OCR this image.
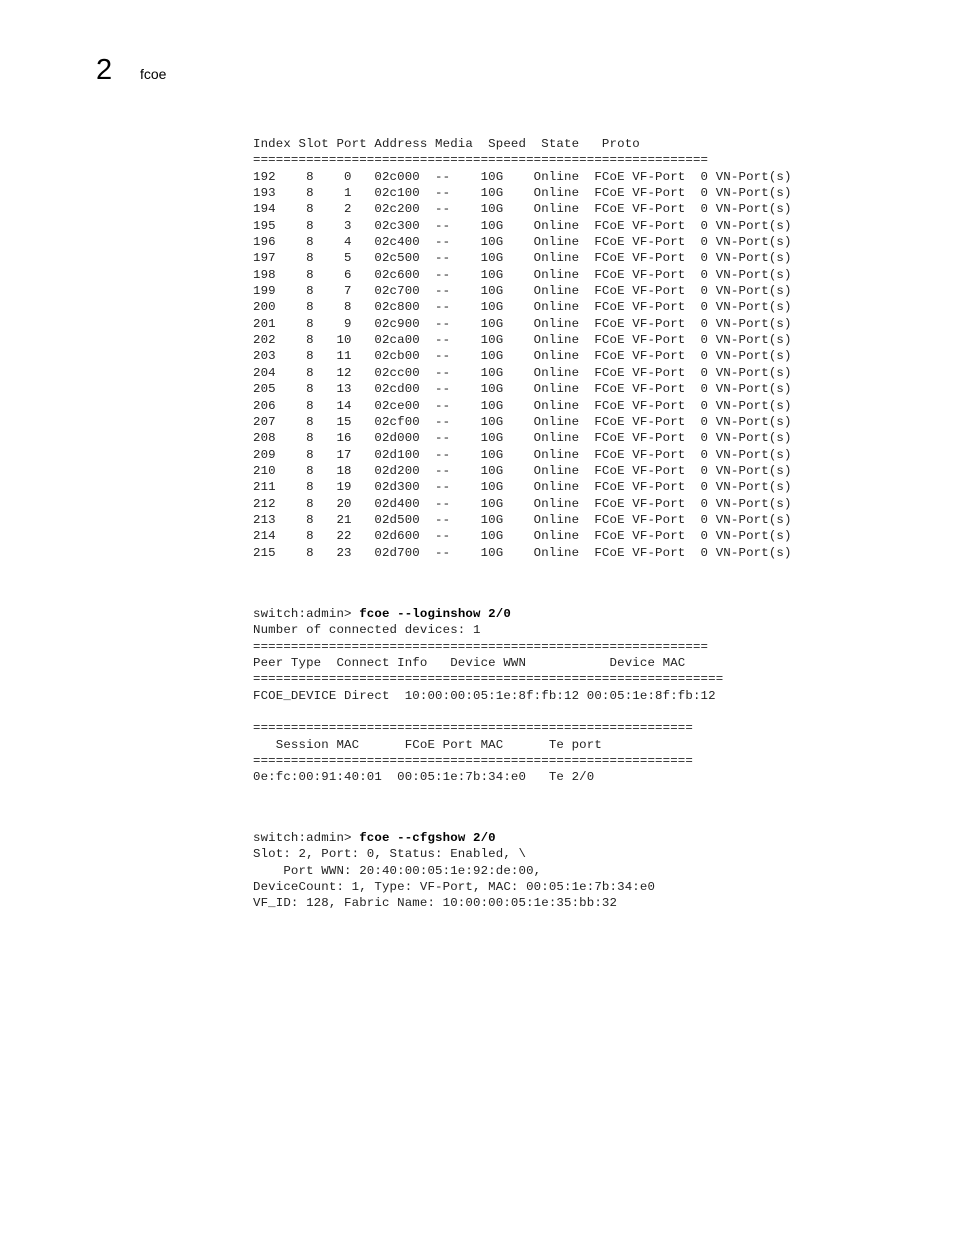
2 fcoe
Index Slot Port Address Media  Speed  State   Proto
============================================================
192    8    0   02c000  --    10G    Online  FCoE VF-Port  0 VN-Port(s)
193    8    1   02c100  --    10G    Online  FCoE VF-Port  0 VN-Port(s)
194    8    2   02c200  --    10G    Online  FCoE VF-Port  0 VN-Port(s)
195    8    3   02c300  --    10G    Online  FCoE VF-Port  0 VN-Port(s)
196    8    4   02c400  --    10G    Online  FCoE VF-Port  0 VN-Port(s)
197    8    5   02c500  --    10G    Online  FCoE VF-Port  0 VN-Port(s)
198    8    6   02c600  --    10G    Online  FCoE VF-Port  0 VN-Port(s)
199    8    7   02c700  --    10G    Online  FCoE VF-Port  0 VN-Port(s)
200    8    8   02c800  --    10G    Online  FCoE VF-Port  0 VN-Port(s)
201    8    9   02c900  --    10G    Online  FCoE VF-Port  0 VN-Port(s)
202    8   10   02ca00  --    10G    Online  FCoE VF-Port  0 VN-Port(s)
203    8   11   02cb00  --    10G    Online  FCoE VF-Port  0 VN-Port(s)
204    8   12   02cc00  --    10G    Online  FCoE VF-Port  0 VN-Port(s)
205    8   13   02cd00  --    10G    Online  FCoE VF-Port  0 VN-Port(s)
206    8   14   02ce00  --    10G    Online  FCoE VF-Port  0 VN-Port(s)
207    8   15   02cf00  --    10G    Online  FCoE VF-Port  0 VN-Port(s)
208    8   16   02d000  --    10G    Online  FCoE VF-Port  0 VN-Port(s)
209    8   17   02d100  --    10G    Online  FCoE VF-Port  0 VN-Port(s)
210    8   18   02d200  --    10G    Online  FCoE VF-Port  0 VN-Port(s)
211    8   19   02d300  --    10G    Online  FCoE VF-Port  0 VN-Port(s)
212    8   20   02d400  --    10G    Online  FCoE VF-Port  0 VN-Port(s)
213    8   21   02d500  --    10G    Online  FCoE VF-Port  0 VN-Port(s)
214    8   22   02d600  --    10G    Online  FCoE VF-Port  0 VN-Port(s)
215    8   23   02d700  --    10G    Online  FCoE VF-Port  0 VN-Port(s)
switch:admin> fcoe --loginshow 2/0
Number of connected devices: 1
============================================================
Peer Type  Connect Info   Device WWN           Device MAC
==============================================================
FCOE_DEVICE Direct  10:00:00:05:1e:8f:fb:12 00:05:1e:8f:fb:12

==========================================================
Session MAC      FCoE Port MAC      Te port
==========================================================
0e:fc:00:91:40:01  00:05:1e:7b:34:e0   Te 2/0
switch:admin> fcoe --cfgshow 2/0
Slot: 2, Port: 0, Status: Enabled, \
Port WWN: 20:40:00:05:1e:92:de:00,
DeviceCount: 1, Type: VF-Port, MAC: 00:05:1e:7b:34:e0
VF_ID: 128, Fabric Name: 10:00:00:05:1e:35:bb:32
